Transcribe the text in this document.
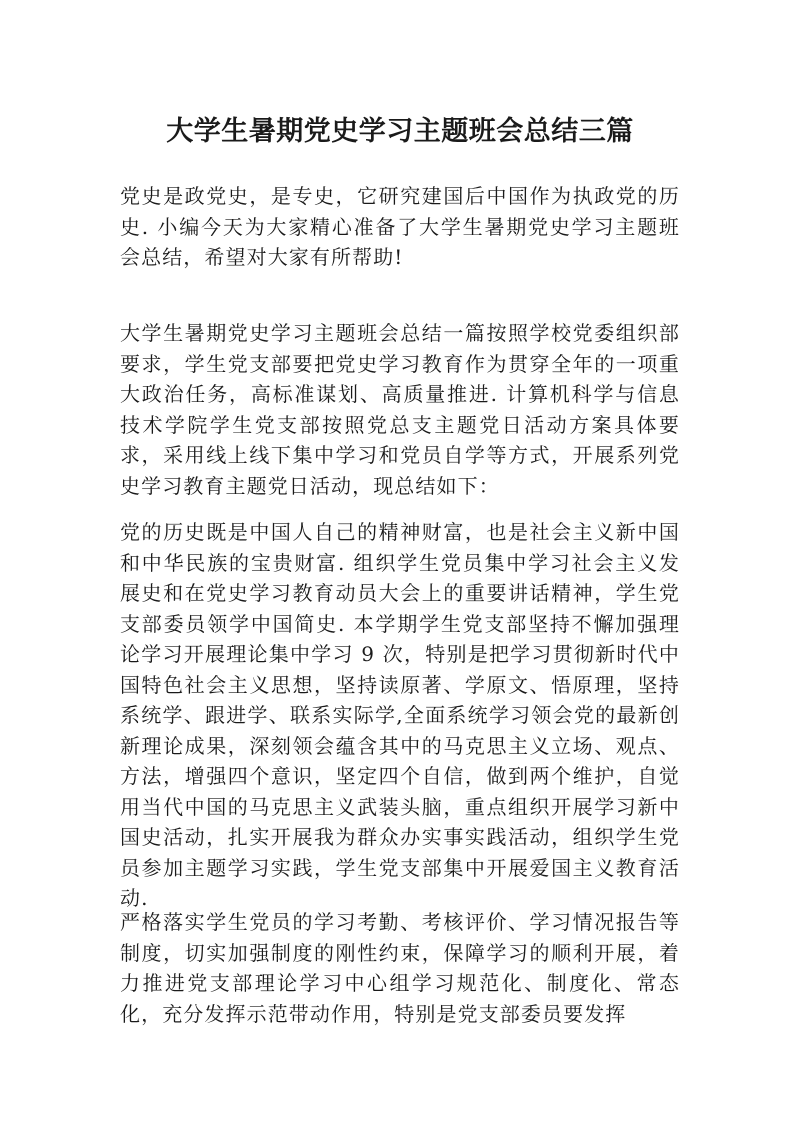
大学生暑期党史学习主题班会总结三篇

党史是政党史，是专史，它研究建国后中国作为执政党的历史. 小编今天为大家精心准备了大学生暑期党史学习主题班会总结，希望对大家有所帮助!

大学生暑期党史学习主题班会总结一篇按照学校党委组织部要求，学生党支部要把党史学习教育作为贯穿全年的一项重大政治任务，高标准谋划、高质量推进. 计算机科学与信息技术学院学生党支部按照党总支主题党日活动方案具体要求，采用线上线下集中学习和党员自学等方式，开展系列党史学习教育主题党日活动，现总结如下：

党的历史既是中国人自己的精神财富，也是社会主义新中国和中华民族的宝贵财富. 组织学生党员集中学习社会主义发展史和在党史学习教育动员大会上的重要讲话精神，学生党支部委员领学中国简史. 本学期学生党支部坚持不懈加强理论学习开展理论集中学习 9 次，特别是把学习贯彻新时代中国特色社会主义思想，坚持读原著、学原文、悟原理，坚持系统学、跟进学、联系实际学,全面系统学习领会党的最新创新理论成果，深刻领会蕴含其中的马克思主义立场、观点、方法，增强四个意识，坚定四个自信，做到两个维护，自觉用当代中国的马克思主义武装头脑，重点组织开展学习新中国史活动，扎实开展我为群众办实事实践活动，组织学生党员参加主题学习实践，学生党支部集中开展爱国主义教育活动.

严格落实学生党员的学习考勤、考核评价、学习情况报告等制度，切实加强制度的刚性约束，保障学习的顺利开展，着力推进党支部理论学习中心组学习规范化、制度化、常态化，充分发挥示范带动作用，特别是党支部委员要发挥
